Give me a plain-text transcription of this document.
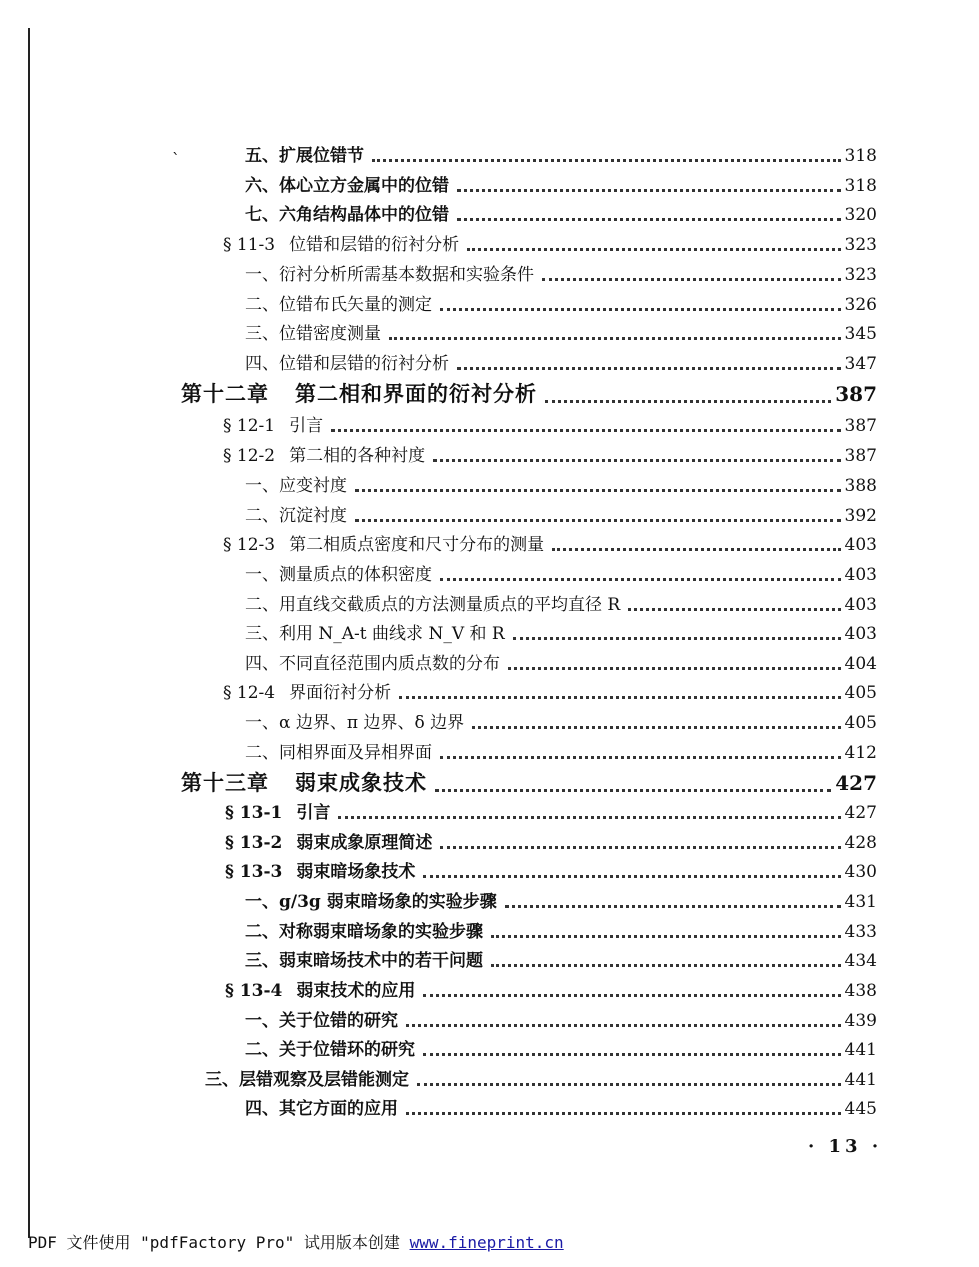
`	五、扩展位错节	318
六、体心立方金属中的位错	318
七、六角结构晶体中的位错	320
§ 11-3 位错和层错的衍衬分析	323
一、衍衬分析所需基本数据和实验条件	323
二、位错布氏矢量的测定	326
三、位错密度测量	345
四、位错和层错的衍衬分析	347
第十二章 第二相和界面的衍衬分析	387
§ 12-1 引言	387
§ 12-2 第二相的各种衬度	387
一、应变衬度	388
二、沉淀衬度	392
§ 12-3 第二相质点密度和尺寸分布的测量	403
一、测量质点的体积密度	403
二、用直线交截质点的方法测量质点的平均直径 R	403
三、利用 N_A-t 曲线求 N_V 和 R	403
四、不同直径范围内质点数的分布	404
§ 12-4 界面衍衬分析	405
一、α 边界、π 边界、δ 边界	405
二、同相界面及异相界面	412
第十三章 弱束成象技术	427
§ 13-1 引言	427
§ 13-2 弱束成象原理简述	428
§ 13-3 弱束暗场象技术	430
一、g/3g 弱束暗场象的实验步骤	431
二、对称弱束暗场象的实验步骤	433
三、弱束暗场技术中的若干问题	434
§ 13-4 弱束技术的应用	438
一、关于位错的研究	439
二、关于位错环的研究	441
三、层错观察及层错能测定	441
四、其它方面的应用	445
· 13 ·
PDF 文件使用 "pdfFactory Pro" 试用版本创建 www.fineprint.cn
